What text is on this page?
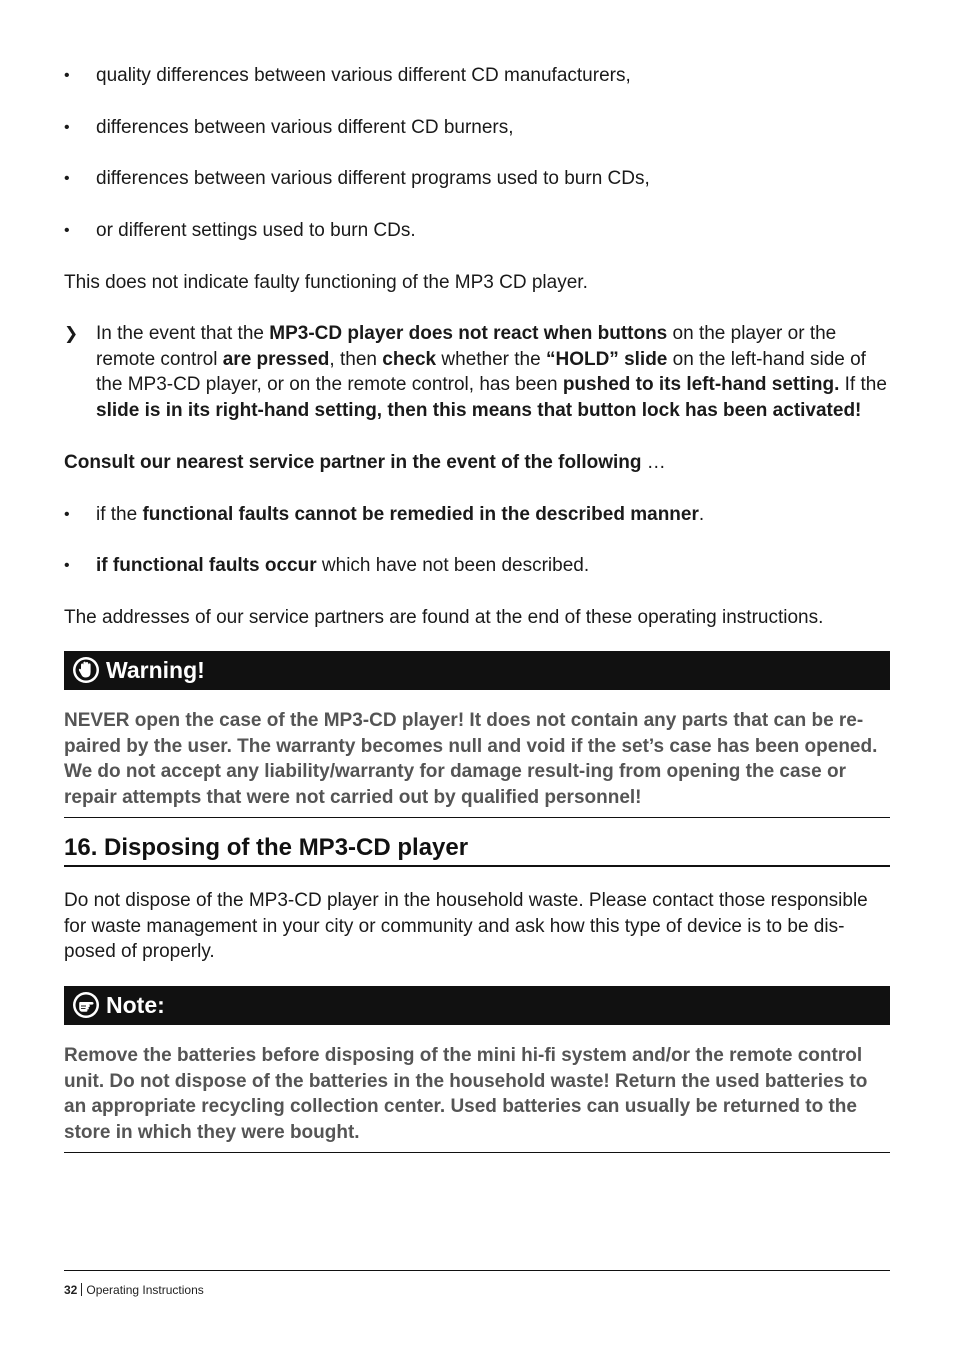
• quality differences between various different CD manufacturers,
• differences between various different CD burners,
• differences between various different programs used to burn CDs,
• or different settings used to burn CDs.
This does not indicate faulty functioning of the MP3 CD player.
❯ In the event that the MP3-CD player does not react when buttons on the player or the remote control are pressed, then check whether the “HOLD” slide on the left-hand side of the MP3-CD player, or on the remote control, has been pushed to its left-hand setting. If the slide is in its right-hand setting, then this means that button lock has been activated!
Consult our nearest service partner in the event of the following …
• if the functional faults cannot be remedied in the described manner.
• if functional faults occur which have not been described.
The addresses of our service partners are found at the end of these operating instructions.
Warning!
NEVER open the case of the MP3-CD player! It does not contain any parts that can be re-
paired by the user. The warranty becomes null and void if the set’s case has been opened.
We do not accept any liability/warranty for damage result-ing from opening the case or
repair attempts that were not carried out by qualified personnel!
16. Disposing of the MP3-CD player
Do not dispose of the MP3-CD player in the household waste. Please contact those responsible
for waste management in your city or community and ask how this type of device is to be dis-
posed of properly.
Note:
Remove the batteries before disposing of the mini hi-fi system and/or the remote control
unit. Do not dispose of the batteries in the household waste! Return the used batteries to
an appropriate recycling collection center. Used batteries can usually be returned to the
store in which they were bought.
32 Operating Instructions
